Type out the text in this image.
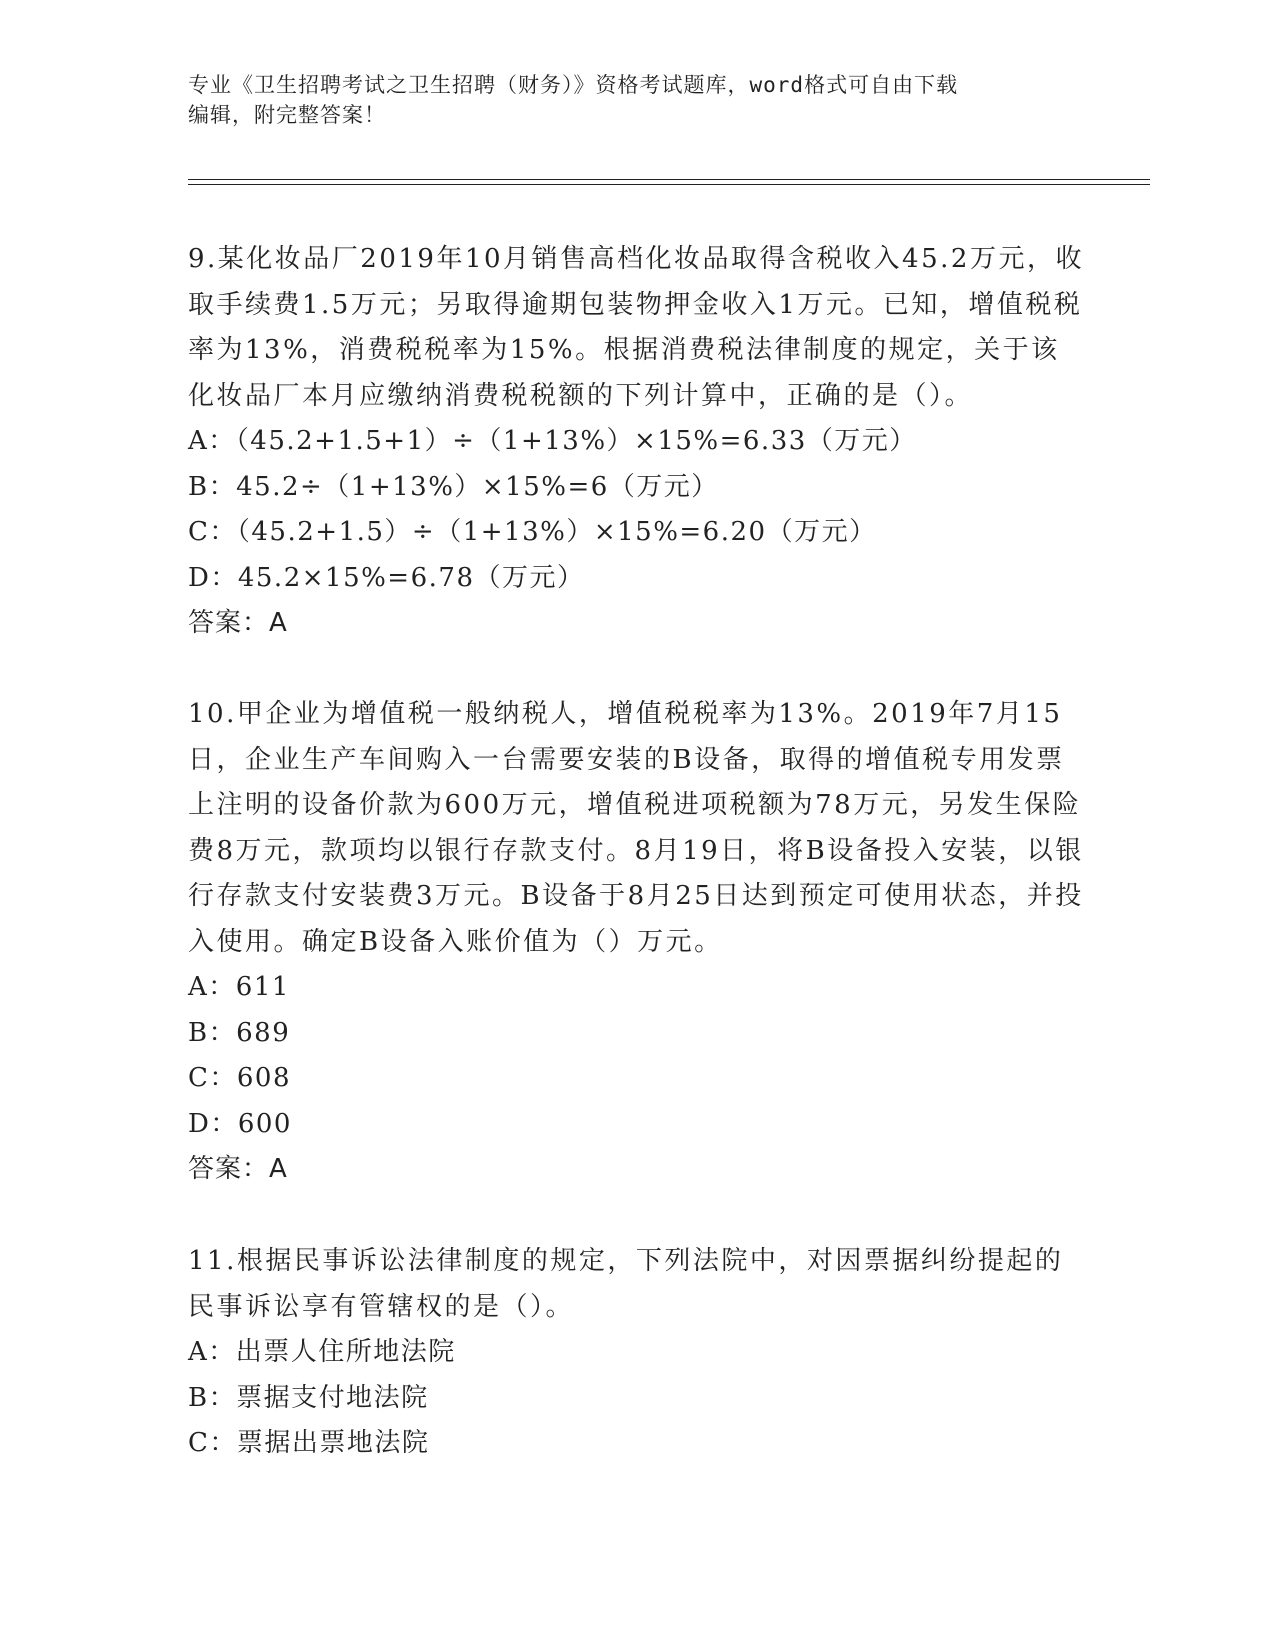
专业《卫生招聘考试之卫生招聘（财务）》资格考试题库，word格式可自由下载
编辑，附完整答案！

9.某化妆品厂2019年10月销售高档化妆品取得含税收入45.2万元，收取手续费1.5万元；另取得逾期包装物押金收入1万元。已知，增值税税率为13%，消费税税率为15%。根据消费税法律制度的规定，关于该化妆品厂本月应缴纳消费税税额的下列计算中，正确的是（）。

A：（45.2+1.5+1）÷（1+13%）×15%=6.33（万元）

B：45.2÷（1+13%）×15%=6（万元）

C：（45.2+1.5）÷（1+13%）×15%=6.20（万元）

D：45.2×15%=6.78（万元）

答案：A

10.甲企业为增值税一般纳税人，增值税税率为13%。2019年7月15日，企业生产车间购入一台需要安装的B设备，取得的增值税专用发票上注明的设备价款为600万元，增值税进项税额为78万元，另发生保险费8万元，款项均以银行存款支付。8月19日，将B设备投入安装，以银行存款支付安装费3万元。B设备于8月25日达到预定可使用状态，并投入使用。确定B设备入账价值为（）万元。

A：611

B：689

C：608

D：600

答案：A

11.根据民事诉讼法律制度的规定，下列法院中，对因票据纠纷提起的民事诉讼享有管辖权的是（）。

A：出票人住所地法院

B：票据支付地法院

C：票据出票地法院
